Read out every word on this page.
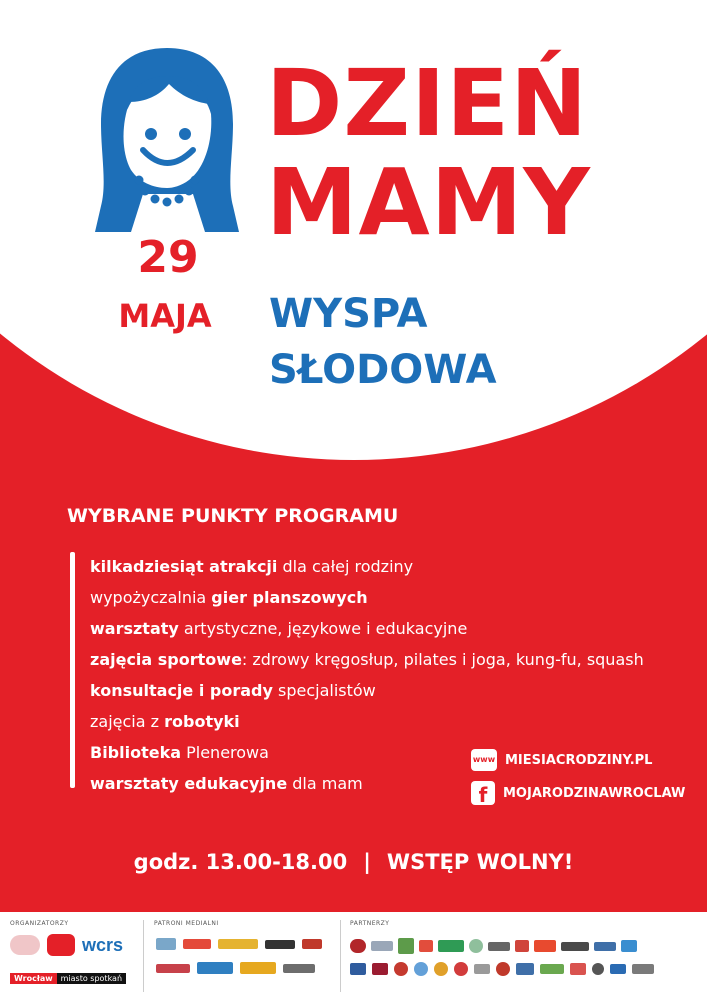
DZIEŃ
MAMY
29
MAJA	WYSPA
SŁODOWA
WYBRANE PUNKTY PROGRAMU
kilkadziesiąt atrakcji dla całej rodziny
wypożyczalnia gier planszowych
warsztaty artystyczne, językowe i edukacyjne
zajęcia sportowe: zdrowy kręgosłup, pilates i joga, kung-fu, squash
konsultacje i porady specjalistów
zajęcia z robotyki
Biblioteka Plenerowa
warsztaty edukacyjne dla mam
www MIESIACRODZINY.PL
f	MOJARODZINAWROCLAW
godz. 13.00-18.00 | WSTĘP WOLNY!
ORGANIZATORZY	PATRONI MEDIALNI	PARTNERZY
wcrs
Wrocław miasto spotkań
